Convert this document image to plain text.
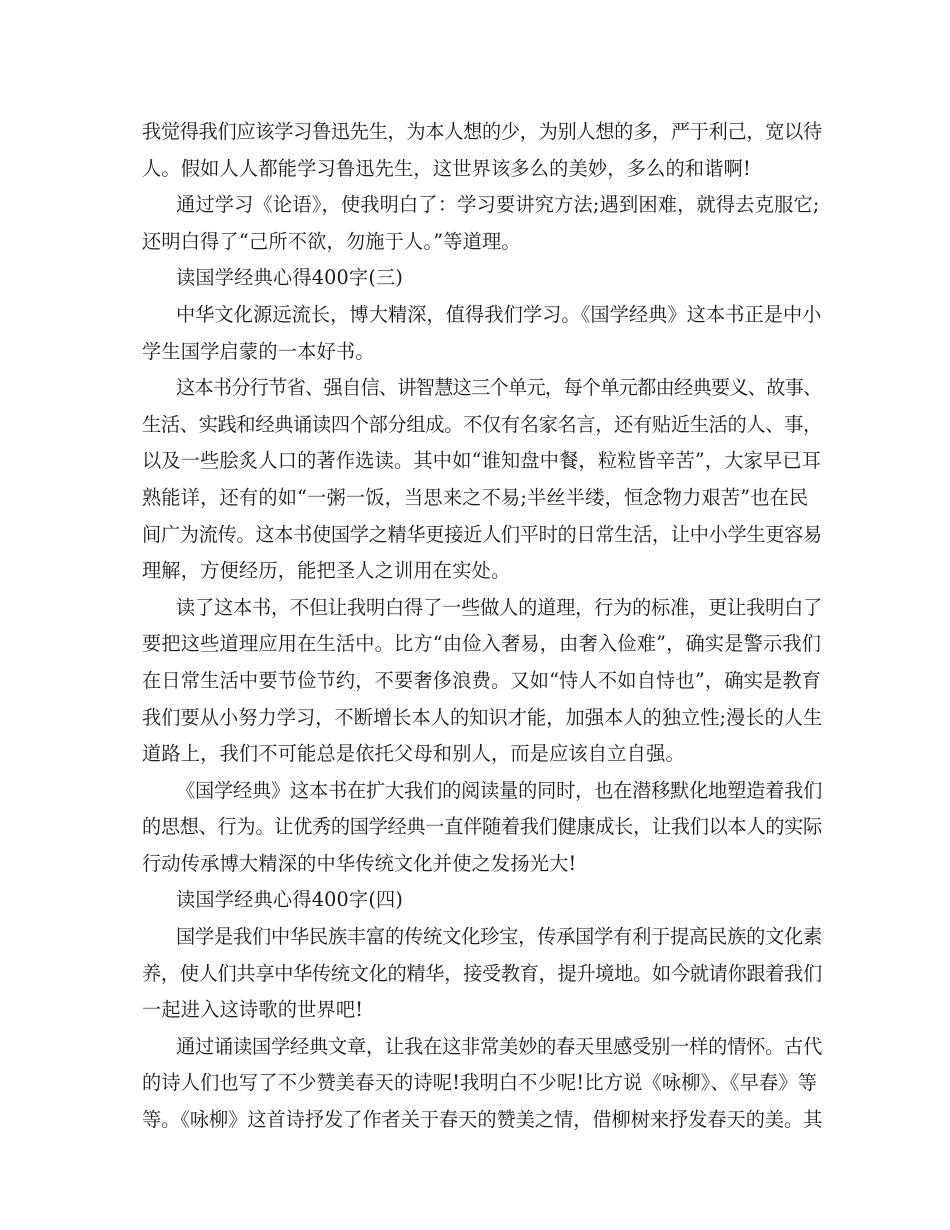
我觉得我们应该学习鲁迅先生，为本人想的少，为别人想的多，严于利己，宽以待
人。假如人人都能学习鲁迅先生，这世界该多么的美妙，多么的和谐啊!
通过学习《论语》，使我明白了：学习要讲究方法;遇到困难，就得去克服它;
还明白得了“己所不欲，勿施于人。”等道理。
读国学经典心得400字(三)
中华文化源远流长，博大精深，值得我们学习。《国学经典》这本书正是中小
学生国学启蒙的一本好书。
这本书分行节省、强自信、讲智慧这三个单元，每个单元都由经典要义、故事、
生活、实践和经典诵读四个部分组成。不仅有名家名言，还有贴近生活的人、事，
以及一些脍炙人口的著作选读。其中如“谁知盘中餐，粒粒皆辛苦”，大家早已耳
熟能详，还有的如“一粥一饭，当思来之不易;半丝半缕，恒念物力艰苦”也在民
间广为流传。这本书使国学之精华更接近人们平时的日常生活，让中小学生更容易
理解，方便经历，能把圣人之训用在实处。
读了这本书，不但让我明白得了一些做人的道理，行为的标准，更让我明白了
要把这些道理应用在生活中。比方“由俭入奢易，由奢入俭难”，确实是警示我们
在日常生活中要节俭节约，不要奢侈浪费。又如“恃人不如自恃也”，确实是教育
我们要从小努力学习，不断增长本人的知识才能，加强本人的独立性;漫长的人生
道路上，我们不可能总是依托父母和别人，而是应该自立自强。
《国学经典》这本书在扩大我们的阅读量的同时，也在潜移默化地塑造着我们
的思想、行为。让优秀的国学经典一直伴随着我们健康成长，让我们以本人的实际
行动传承博大精深的中华传统文化并使之发扬光大!
读国学经典心得400字(四)
国学是我们中华民族丰富的传统文化珍宝，传承国学有利于提高民族的文化素
养，使人们共享中华传统文化的精华，接受教育，提升境地。如今就请你跟着我们
一起进入这诗歌的世界吧!
通过诵读国学经典文章，让我在这非常美妙的春天里感受别一样的情怀。古代
的诗人们也写了不少赞美春天的诗呢!我明白不少呢!比方说《咏柳》、《早春》等
等。《咏柳》这首诗抒发了作者关于春天的赞美之情，借柳树来抒发春天的美。其
